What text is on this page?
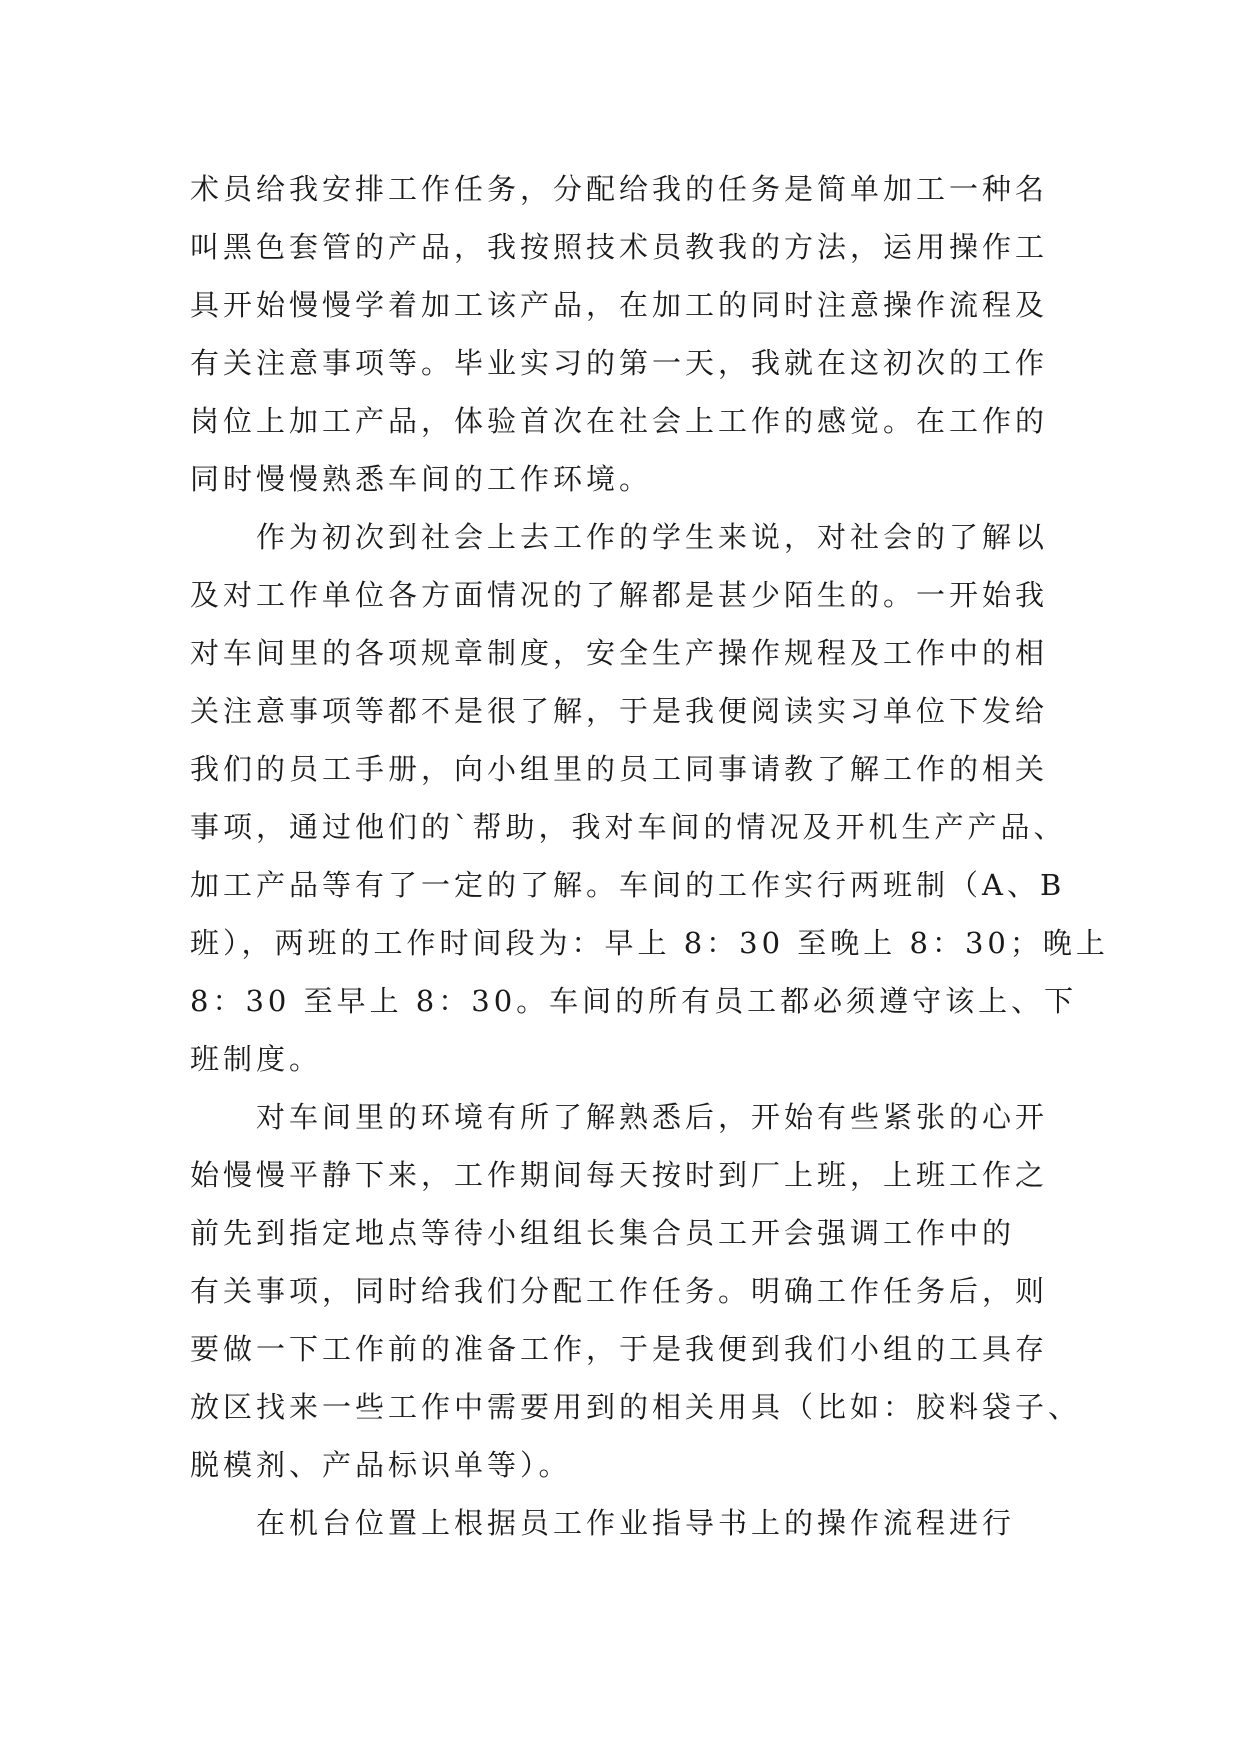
术员给我安排工作任务，分配给我的任务是简单加工一种名
叫黑色套管的产品，我按照技术员教我的方法，运用操作工
具开始慢慢学着加工该产品，在加工的同时注意操作流程及
有关注意事项等。毕业实习的第一天，我就在这初次的工作
岗位上加工产品，体验首次在社会上工作的感觉。在工作的
同时慢慢熟悉车间的工作环境。
作为初次到社会上去工作的学生来说，对社会的了解以
及对工作单位各方面情况的了解都是甚少陌生的。一开始我
对车间里的各项规章制度，安全生产操作规程及工作中的相
关注意事项等都不是很了解，于是我便阅读实习单位下发给
我们的员工手册，向小组里的员工同事请教了解工作的相关
事项，通过他们的`帮助，我对车间的情况及开机生产产品、
加工产品等有了一定的了解。车间的工作实行两班制（A、B
班），两班的工作时间段为：早上 8：30 至晚上 8：30；晚上
8：30 至早上 8：30。车间的所有员工都必须遵守该上、下
班制度。
对车间里的环境有所了解熟悉后，开始有些紧张的心开
始慢慢平静下来，工作期间每天按时到厂上班，上班工作之
前先到指定地点等待小组组长集合员工开会强调工作中的
有关事项，同时给我们分配工作任务。明确工作任务后，则
要做一下工作前的准备工作，于是我便到我们小组的工具存
放区找来一些工作中需要用到的相关用具（比如：胶料袋子、
脱模剂、产品标识单等）。
在机台位置上根据员工作业指导书上的操作流程进行
